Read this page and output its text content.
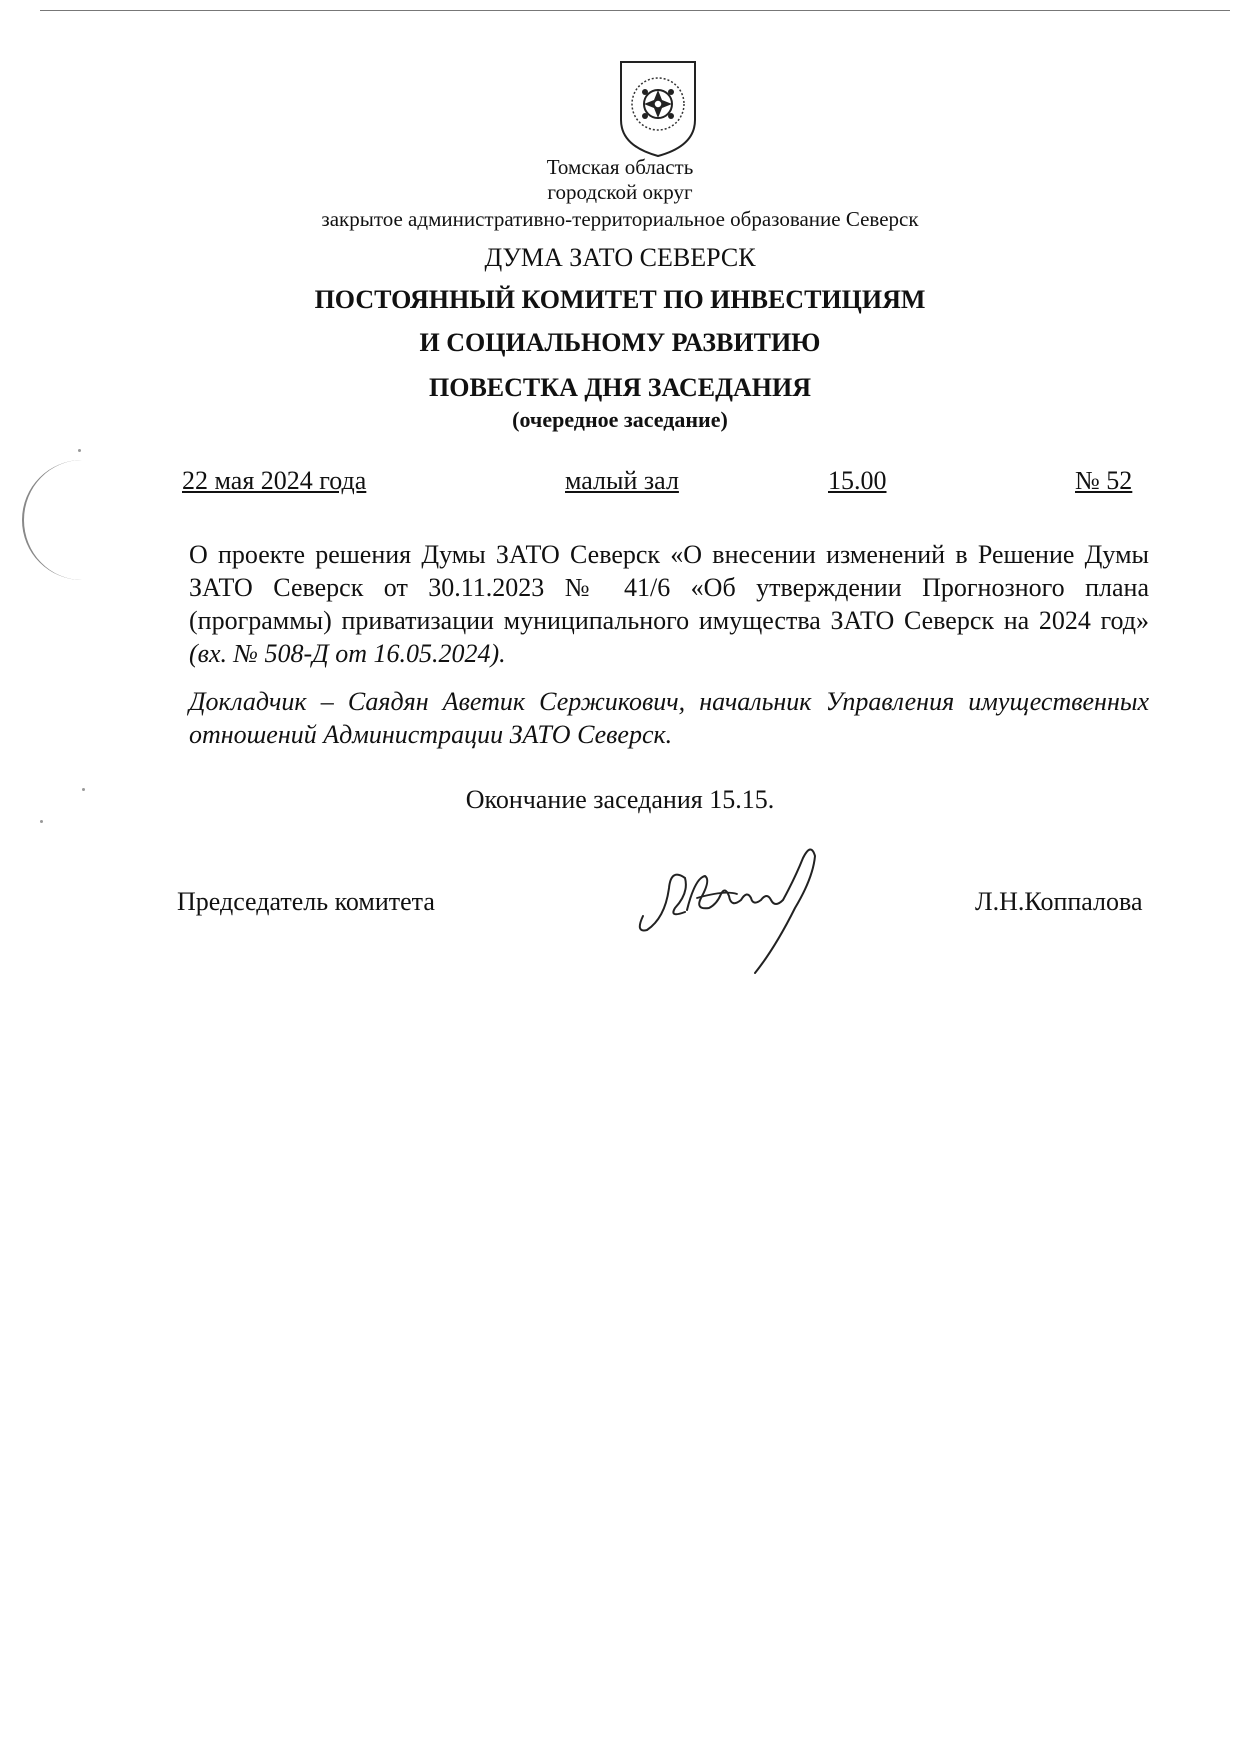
Томская область
городской округ
закрытое административно-территориальное образование Северск
ДУМА ЗАТО СЕВЕРСК
ПОСТОЯННЫЙ КОМИТЕТ ПО ИНВЕСТИЦИЯМ
И СОЦИАЛЬНОМУ РАЗВИТИЮ
ПОВЕСТКА ДНЯ ЗАСЕДАНИЯ
(очередное заседание)
22 мая 2024 года	малый зал	15.00	№ 52
О проекте решения Думы ЗАТО Северск «О внесении изменений в Решение Думы ЗАТО Северск от 30.11.2023 № 41/6 «Об утверждении Прогнозного плана (программы) приватизации муниципального имущества ЗАТО Северск на 2024 год» (вх. № 508-Д от 16.05.2024).
Докладчик – Саядян Аветик Сержикович, начальник Управления имущественных отношений Администрации ЗАТО Северск.
Окончание заседания 15.15.
Председатель комитета	Л.Н.Коппалова
